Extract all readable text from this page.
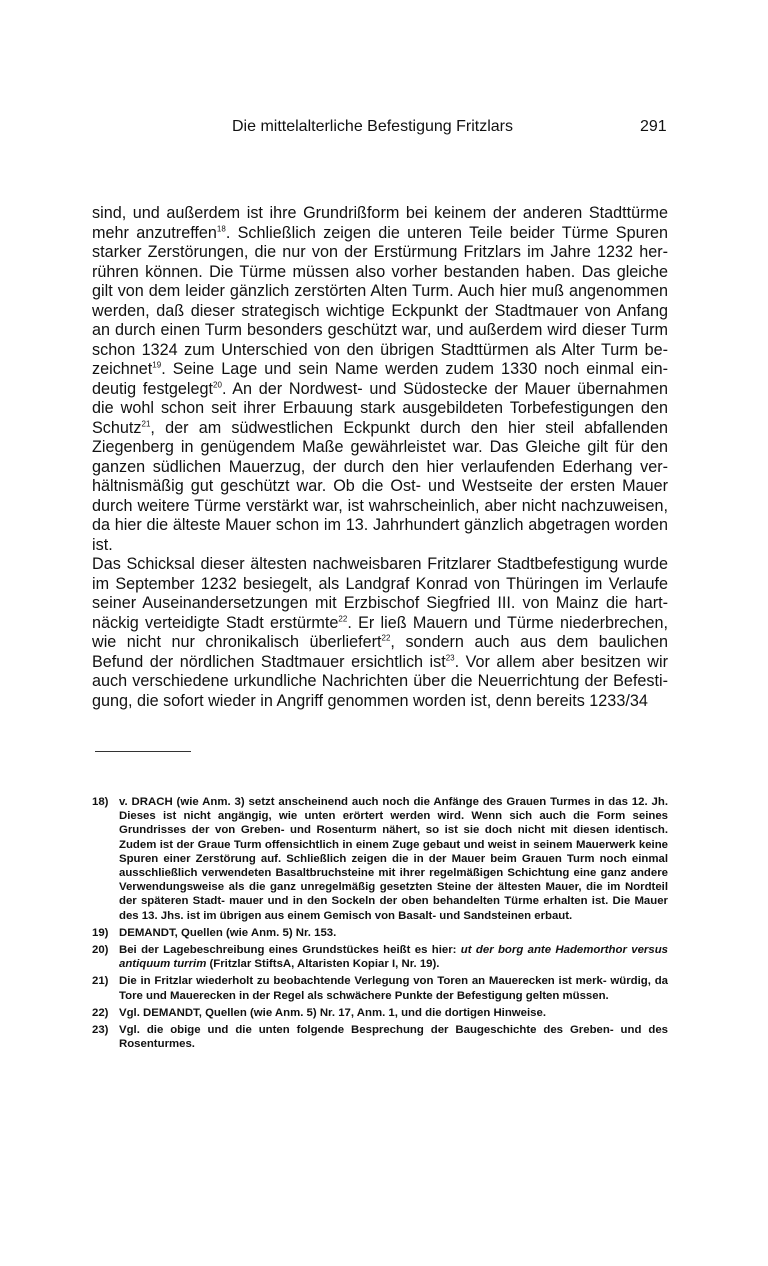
Die mittelalterliche Befestigung Fritzlars	291

sind, und außerdem ist ihre Grundrißform bei keinem der anderen Stadttürme mehr anzutreffen$^{18}$. Schließlich zeigen die unteren Teile beider Türme Spuren starker Zerstörungen, die nur von der Erstürmung Fritzlars im Jahre 1232 her- rühren können. Die Türme müssen also vorher bestanden haben. Das gleiche gilt von dem leider gänzlich zerstörten Alten Turm. Auch hier muß angenommen werden, daß dieser strategisch wichtige Eckpunkt der Stadtmauer von Anfang an durch einen Turm besonders geschützt war, und außerdem wird dieser Turm schon 1324 zum Unterschied von den übrigen Stadttürmen als Alter Turm be- zeichnet$^{19}$. Seine Lage und sein Name werden zudem 1330 noch einmal ein- deutig festgelegt$^{20}$. An der Nordwest- und Südostecke der Mauer übernahmen die wohl schon seit ihrer Erbauung stark ausgebildeten Torbefestigungen den Schutz$^{21}$, der am südwestlichen Eckpunkt durch den hier steil abfallenden Ziegenberg in genügendem Maße gewährleistet war. Das Gleiche gilt für den ganzen südlichen Mauerzug, der durch den hier verlaufenden Ederhang ver- hältnismäßig gut geschützt war. Ob die Ost- und Westseite der ersten Mauer durch weitere Türme verstärkt war, ist wahrscheinlich, aber nicht nachzuweisen, da hier die älteste Mauer schon im 13. Jahrhundert gänzlich abgetragen worden ist.

Das Schicksal dieser ältesten nachweisbaren Fritzlarer Stadtbefestigung wurde im September 1232 besiegelt, als Landgraf Konrad von Thüringen im Verlaufe seiner Auseinandersetzungen mit Erzbischof Siegfried III. von Mainz die hart- näckig verteidigte Stadt erstürmte$^{22}$. Er ließ Mauern und Türme niederbrechen, wie nicht nur chronikalisch überliefert$^{22}$, sondern auch aus dem baulichen Befund der nördlichen Stadtmauer ersichtlich ist$^{23}$. Vor allem aber besitzen wir auch verschiedene urkundliche Nachrichten über die Neuerrichtung der Befesti- gung, die sofort wieder in Angriff genommen worden ist, denn bereits 1233/34

18) v. DRACH (wie Anm. 3) setzt anscheinend auch noch die Anfänge des Grauen Turmes in das 12. Jh. Dieses ist nicht angängig, wie unten erörtert werden wird. Wenn sich auch die Form seines Grundrisses der von Greben- und Rosenturm nähert, so ist sie doch nicht mit diesen identisch. Zudem ist der Graue Turm offensichtlich in einem Zuge gebaut und weist in seinem Mauerwerk keine Spuren einer Zerstörung auf. Schließlich zeigen die in der Mauer beim Grauen Turm noch einmal ausschließlich verwendeten Basaltbruchsteine mit ihrer regelmäßigen Schichtung eine ganz andere Verwendungsweise als die ganz unregelmäßig gesetzten Steine der ältesten Mauer, die im Nordteil der späteren Stadt- mauer und in den Sockeln der oben behandelten Türme erhalten ist. Die Mauer des 13. Jhs. ist im übrigen aus einem Gemisch von Basalt- und Sandsteinen erbaut.
19) DEMANDT, Quellen (wie Anm. 5) Nr. 153.
20) Bei der Lagebeschreibung eines Grundstückes heißt es hier: ut der borg ante Hademorthor versus antiquum turrim (Fritzlar StiftsA, Altaristen Kopiar I, Nr. 19).
21) Die in Fritzlar wiederholt zu beobachtende Verlegung von Toren an Mauerecken ist merk- würdig, da Tore und Mauerecken in der Regel als schwächere Punkte der Befestigung gelten müssen.
22) Vgl. DEMANDT, Quellen (wie Anm. 5) Nr. 17, Anm. 1, und die dortigen Hinweise.
23) Vgl. die obige und die unten folgende Besprechung der Baugeschichte des Greben- und des Rosenturmes.
